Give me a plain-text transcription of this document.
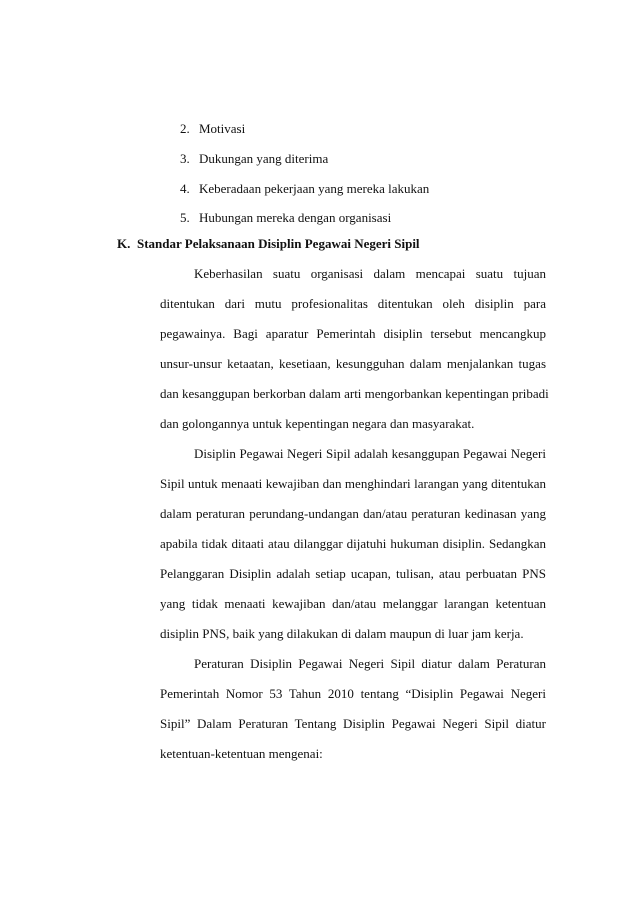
2. Motivasi
3. Dukungan yang diterima
4. Keberadaan pekerjaan yang mereka lakukan
5. Hubungan mereka dengan organisasi
K. Standar Pelaksanaan Disiplin Pegawai Negeri Sipil
Keberhasilan suatu organisasi dalam mencapai suatu tujuan
ditentukan dari mutu profesionalitas ditentukan oleh disiplin para
pegawainya. Bagi aparatur Pemerintah disiplin tersebut mencangkup
unsur-unsur ketaatan, kesetiaan, kesungguhan dalam menjalankan tugas
dan kesanggupan berkorban dalam arti mengorbankan kepentingan pribadi
dan golongannya untuk kepentingan negara dan masyarakat.
Disiplin Pegawai Negeri Sipil adalah kesanggupan Pegawai Negeri
Sipil untuk menaati kewajiban dan menghindari larangan yang ditentukan
dalam peraturan perundang-undangan dan/atau peraturan kedinasan yang
apabila tidak ditaati atau dilanggar dijatuhi hukuman disiplin. Sedangkan
Pelanggaran Disiplin adalah setiap ucapan, tulisan, atau perbuatan PNS
yang tidak menaati kewajiban dan/atau melanggar larangan ketentuan
disiplin PNS, baik yang dilakukan di dalam maupun di luar jam kerja.
Peraturan Disiplin Pegawai Negeri Sipil diatur dalam Peraturan
Pemerintah Nomor 53 Tahun 2010 tentang “Disiplin Pegawai Negeri
Sipil” Dalam Peraturan Tentang Disiplin Pegawai Negeri Sipil diatur
ketentuan-ketentuan mengenai:
